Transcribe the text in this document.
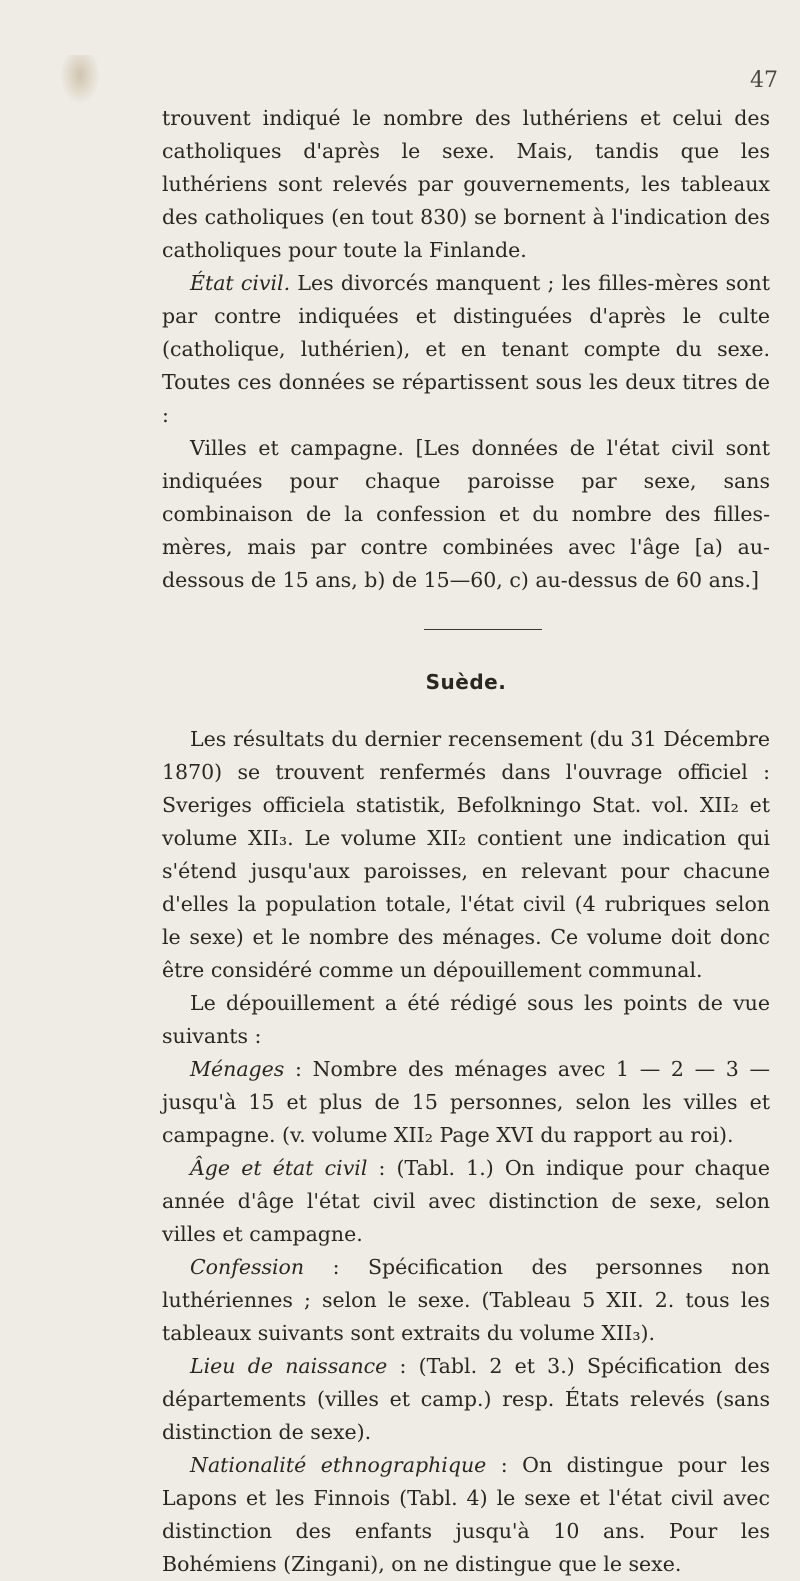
47

trouvent indiqué le nombre des luthériens et celui des catholiques d'après le sexe. Mais, tandis que les luthériens sont relevés par gouvernements, les tableaux des catholiques (en tout 830) se bornent à l'indication des catholiques pour toute la Finlande.

État civil. Les divorcés manquent ; les filles-mères sont par contre indiquées et distinguées d'après le culte (catholique, luthérien), et en tenant compte du sexe. Toutes ces données se répartissent sous les deux titres de :

Villes et campagne. [Les données de l'état civil sont indiquées pour chaque paroisse par sexe, sans combinaison de la confession et du nombre des filles-mères, mais par contre combinées avec l'âge [a) au-dessous de 15 ans, b) de 15—60, c) au-dessus de 60 ans.]

Suède.

Les résultats du dernier recensement (du 31 Décembre 1870) se trouvent renfermés dans l'ouvrage officiel : Sveriges officiela statistik, Befolkningo Stat. vol. XII₂ et volume XII₃. Le volume XII₂ contient une indication qui s'étend jusqu'aux paroisses, en relevant pour chacune d'elles la population totale, l'état civil (4 rubriques selon le sexe) et le nombre des ménages. Ce volume doit donc être considéré comme un dépouillement communal.

Le dépouillement a été rédigé sous les points de vue suivants :

Ménages : Nombre des ménages avec 1 — 2 — 3 — jusqu'à 15 et plus de 15 personnes, selon les villes et campagne. (v. volume XII₂ Page XVI du rapport au roi).

Âge et état civil : (Tabl. 1.) On indique pour chaque année d'âge l'état civil avec distinction de sexe, selon villes et campagne.

Confession : Spécification des personnes non luthériennes ; selon le sexe. (Tableau 5 XII. 2. tous les tableaux suivants sont extraits du volume XII₃).

Lieu de naissance : (Tabl. 2 et 3.) Spécification des départements (villes et camp.) resp. États relevés (sans distinction de sexe).

Nationalité ethnographique : On distingue pour les Lapons et les Finnois (Tabl. 4) le sexe et l'état civil avec distinction des enfants jusqu'à 10 ans. Pour les Bohémiens (Zingani), on ne distingue que le sexe.
